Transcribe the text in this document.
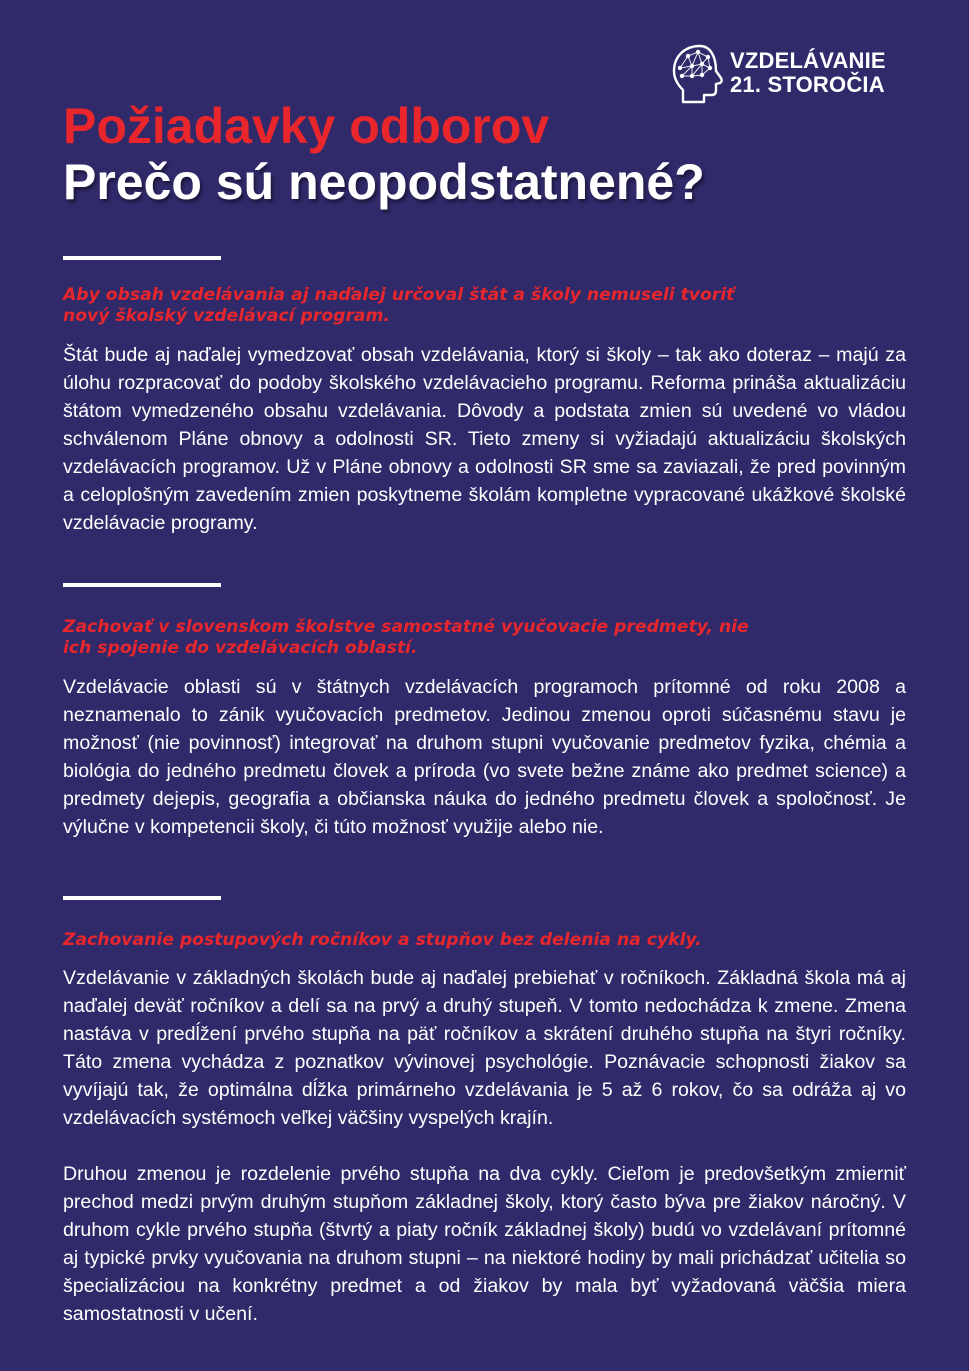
VZDELÁVANIE
21. STOROČIA
Požiadavky odborov
Prečo sú neopodstatnené?
Aby obsah vzdelávania aj naďalej určoval štát a školy nemuseli tvoriť nový školský vzdelávací program.
Štát bude aj naďalej vymedzovať obsah vzdelávania, ktorý si školy – tak ako doteraz – majú za úlohu rozpracovať do podoby školského vzdelávacieho programu. Reforma prináša aktualizáciu štátom vymedzeného obsahu vzdelávania. Dôvody a podstata zmien sú uvedené vo vládou schválenom Pláne obnovy a odolnosti SR. Tieto zmeny si vyžiadajú aktualizáciu školských vzdelávacích programov. Už v Pláne obnovy a odolnosti SR sme sa zaviazali, že pred povinným a celoplošným zavedením zmien poskytneme školám kompletne vypracované ukážkové školské vzdelávacie programy.
Zachovať v slovenskom školstve samostatné vyučovacie predmety, nie ich spojenie do vzdelávacích oblastí.
Vzdelávacie oblasti sú v štátnych vzdelávacích programoch prítomné od roku 2008 a neznamenalo to zánik vyučovacích predmetov. Jedinou zmenou oproti súčasnému stavu je možnosť (nie povinnosť) integrovať na druhom stupni vyučovanie predmetov fyzika, chémia a biológia do jedného predmetu človek a príroda (vo svete bežne známe ako predmet science) a predmety dejepis, geografia a občianska náuka do jedného predmetu človek a spoločnosť. Je výlučne v kompetencii školy, či túto možnosť využije alebo nie.
Zachovanie postupových ročníkov a stupňov bez delenia na cykly.
Vzdelávanie v základných školách bude aj naďalej prebiehať v ročníkoch. Základná škola má aj naďalej deväť ročníkov a delí sa na prvý a druhý stupeň. V tomto nedochádza k zmene. Zmena nastáva v predĺžení prvého stupňa na päť ročníkov a skrátení druhého stupňa na štyri ročníky. Táto zmena vychádza z poznatkov vývinovej psychológie. Poznávacie schopnosti žiakov sa vyvíjajú tak, že optimálna dĺžka primárneho vzdelávania je 5 až 6 rokov, čo sa odráža aj vo vzdelávacích systémoch veľkej väčšiny vyspelých krajín.
Druhou zmenou je rozdelenie prvého stupňa na dva cykly. Cieľom je predovšetkým zmierniť prechod medzi prvým druhým stupňom základnej školy, ktorý často býva pre žiakov náročný. V druhom cykle prvého stupňa (štvrtý a piaty ročník základnej školy) budú vo vzdelávaní prítomné aj typické prvky vyučovania na druhom stupni – na niektoré hodiny by mali prichádzať učitelia so špecializáciou na konkrétny predmet a od žiakov by mala byť vyžadovaná väčšia miera samostatnosti v učení.
